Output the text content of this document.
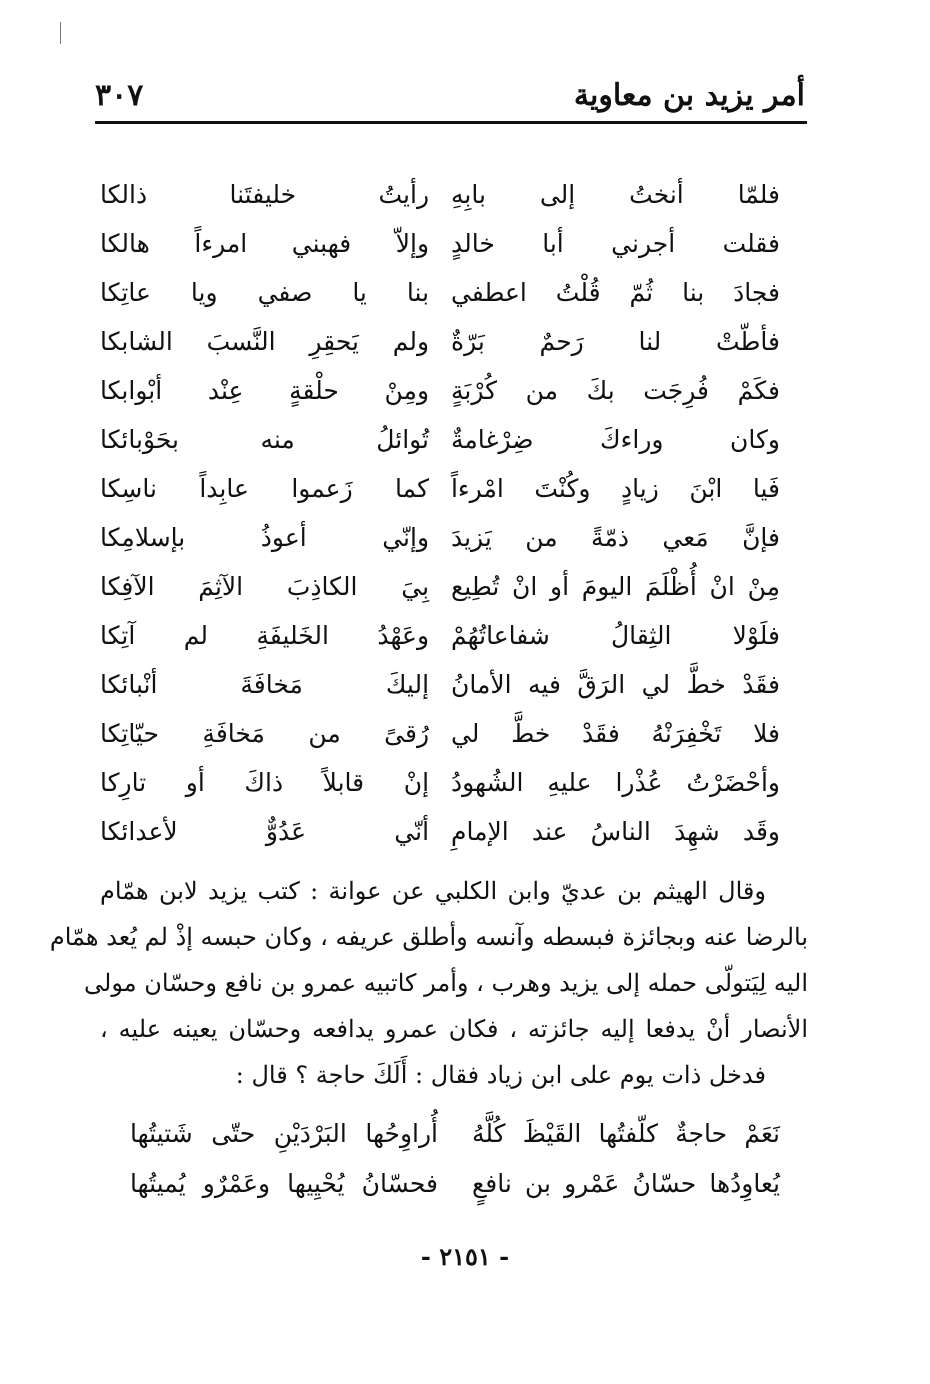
أمر يزيد بن معاوية
٣٠٧
فلمّا أنختُ إلى بابِهِ
رأيتُ خليفتَنا ذالكا
فقلت أجرني أبا خالدٍ
وإلاّ فهبني امرءاً هالكا
فجادَ بنا ثُمّ قُلْتُ اعطفي
بنا يا صفي ويا عاتِكا
فأطّتْ لنا رَحمٌ بَرّةٌ
ولم يَحقِرِ النَّسبَ الشابكا
فكَمْ فُرِجَت بكَ من كُرْبَةٍ
ومِنْ حلْقةٍ عِنْد أبْوابكا
وكان وراءكَ ضِرْغامةٌ
تُوائلُ منه بحَوْبائكا
فَيا ابْنَ زيادٍ وكُنْتَ امْرءاً
كما زَعموا عابِداً ناسِكا
فإنَّ مَعي ذمّةً من يَزيدَ
وإنّي أعوذُ بإسلامِكا
مِنْ انْ أُظْلَمَ اليومَ أو انْ تُطِيع
بِيَ الكاذِبَ الآثِمَ الآفِكا
فلَوْلا الثِقالُ شفاعاتُهُمْ
وعَهْدُ الخَليفَةِ لم آتِكا
فقَدْ خطَّ لي الرَقَّ فيه الأمانُ
إليكَ مَخافَةَ أنْبائكا
فلا تَخْفِرَنْهُ فقَدْ خطَّ لي
رُقىً من مَخافَةِ حيّاتِكا
وأحْضَرْتُ عُذْرا عليهِ الشُهودُ
إنْ قابلاً ذاكَ أو تارِكا
وقَد شهِدَ الناسُ عند الإمامِ
أنّي عَدُوٌّ لأعدائكا
وقال الهيثم بن عديّ وابن الكلبي عن عوانة : كتب يزيد لابن همّام
بالرضا عنه وبجائزة فبسطه وآنسه وأطلق عريفه ، وكان حبسه إذْ لم يُعد همّام
اليه لِيَتولّى حمله إلى يزيد وهرب ، وأمر كاتبيه عمرو بن نافع وحسّان مولى
الأنصار أنْ يدفعا إليه جائزته ، فكان عمرو يدافعه وحسّان يعينه عليه ،
فدخل ذات يوم على ابن زياد فقال : أَلَكَ حاجة ؟ قال :
نَعَمْ حاجةٌ كلّفتُها القَيْظَ كُلَّهُ
أُراوِحُها البَرْدَيْنِ حتّى شَتيتُها
يُعاوِدُها حسّانُ عَمْرو بن نافعٍ
فحسّانُ يُحْيِيها وعَمْرٌو يُميتُها
- ٢١٥١ -
